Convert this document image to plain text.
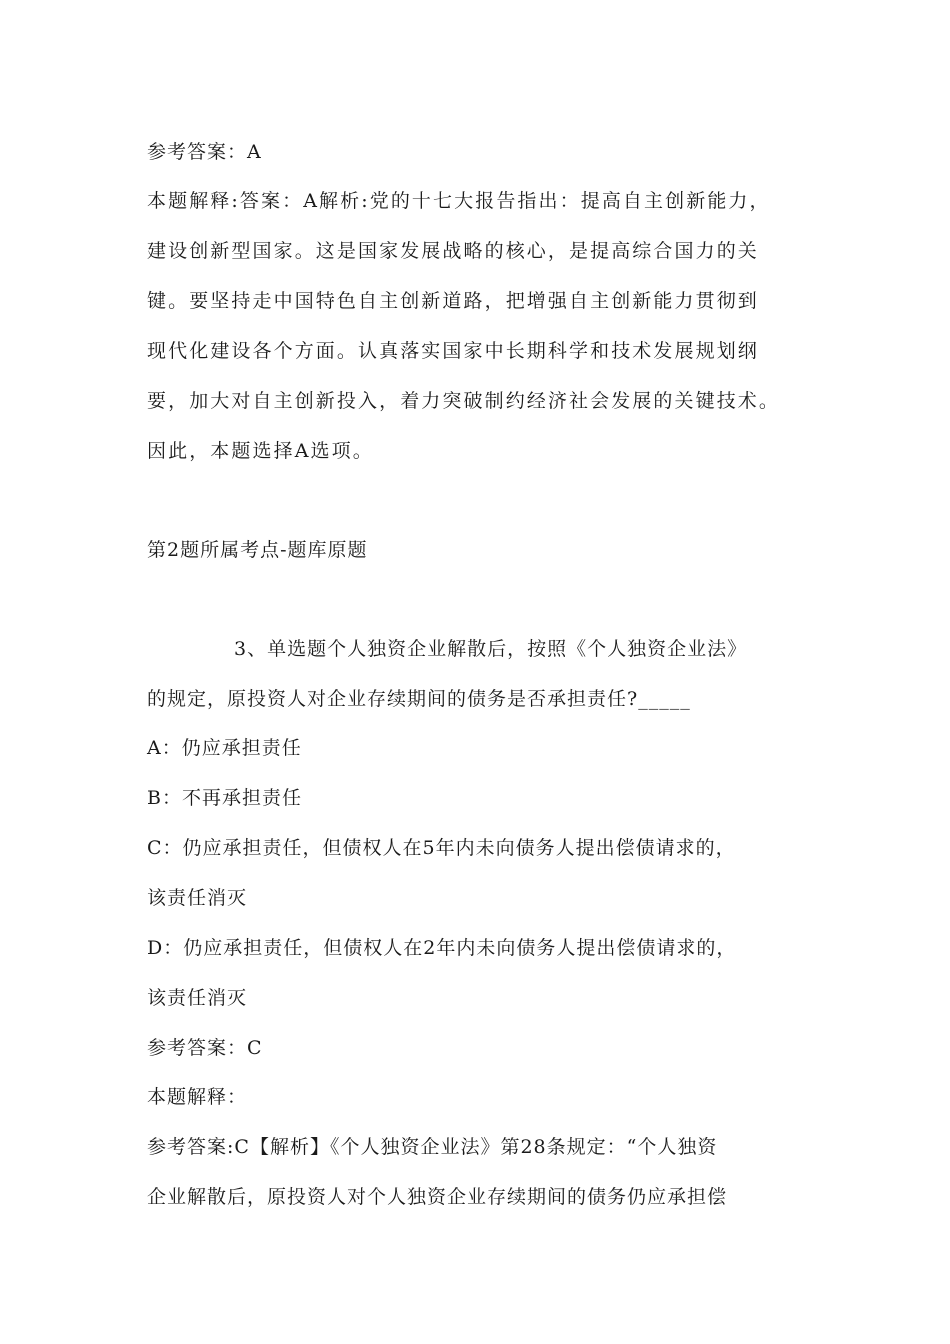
参考答案：A
本题解释:答案：A解析:党的十七大报告指出：提高自主创新能力，
建设创新型国家。这是国家发展战略的核心，是提高综合国力的关
键。要坚持走中国特色自主创新道路，把增强自主创新能力贯彻到
现代化建设各个方面。认真落实国家中长期科学和技术发展规划纲
要，加大对自主创新投入，着力突破制约经济社会发展的关键技术。
因此，本题选择A选项。
第2题所属考点-题库原题
3、单选题个人独资企业解散后，按照《个人独资企业法》
的规定，原投资人对企业存续期间的债务是否承担责任?_____
A：仍应承担责任
B：不再承担责任
C：仍应承担责任，但债权人在5年内未向债务人提出偿债请求的，
该责任消灭
D：仍应承担责任，但债权人在2年内未向债务人提出偿债请求的，
该责任消灭
参考答案：C
本题解释：
参考答案:C【解析】《个人独资企业法》第28条规定：“个人独资
企业解散后，原投资人对个人独资企业存续期间的债务仍应承担偿
